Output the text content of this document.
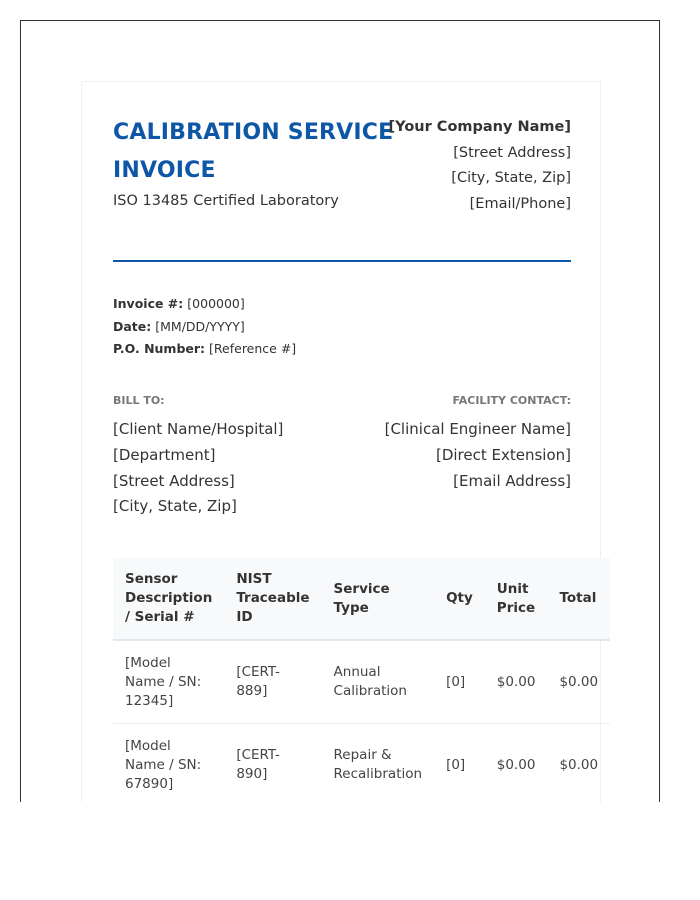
CALIBRATION SERVICE INVOICE
ISO 13485 Certified Laboratory
[Your Company Name]
[Street Address]
[City, State, Zip]
[Email/Phone]
Invoice #: [000000]
Date: [MM/DD/YYYY]
P.O. Number: [Reference #]
BILL TO:
[Client Name/Hospital]
[Department]
[Street Address]
[City, State, Zip]
FACILITY CONTACT:
[Clinical Engineer Name]
[Direct Extension]
[Email Address]
Sensor Description / Serial #	NIST Traceable ID	Service Type	Qty	Unit Price	Total
[Model Name / SN: 12345]	[CERT-889]	Annual Calibration	[0]	$0.00	$0.00
[Model Name / SN: 67890]	[CERT-890]	Repair & Recalibration	[0]	$0.00	$0.00
